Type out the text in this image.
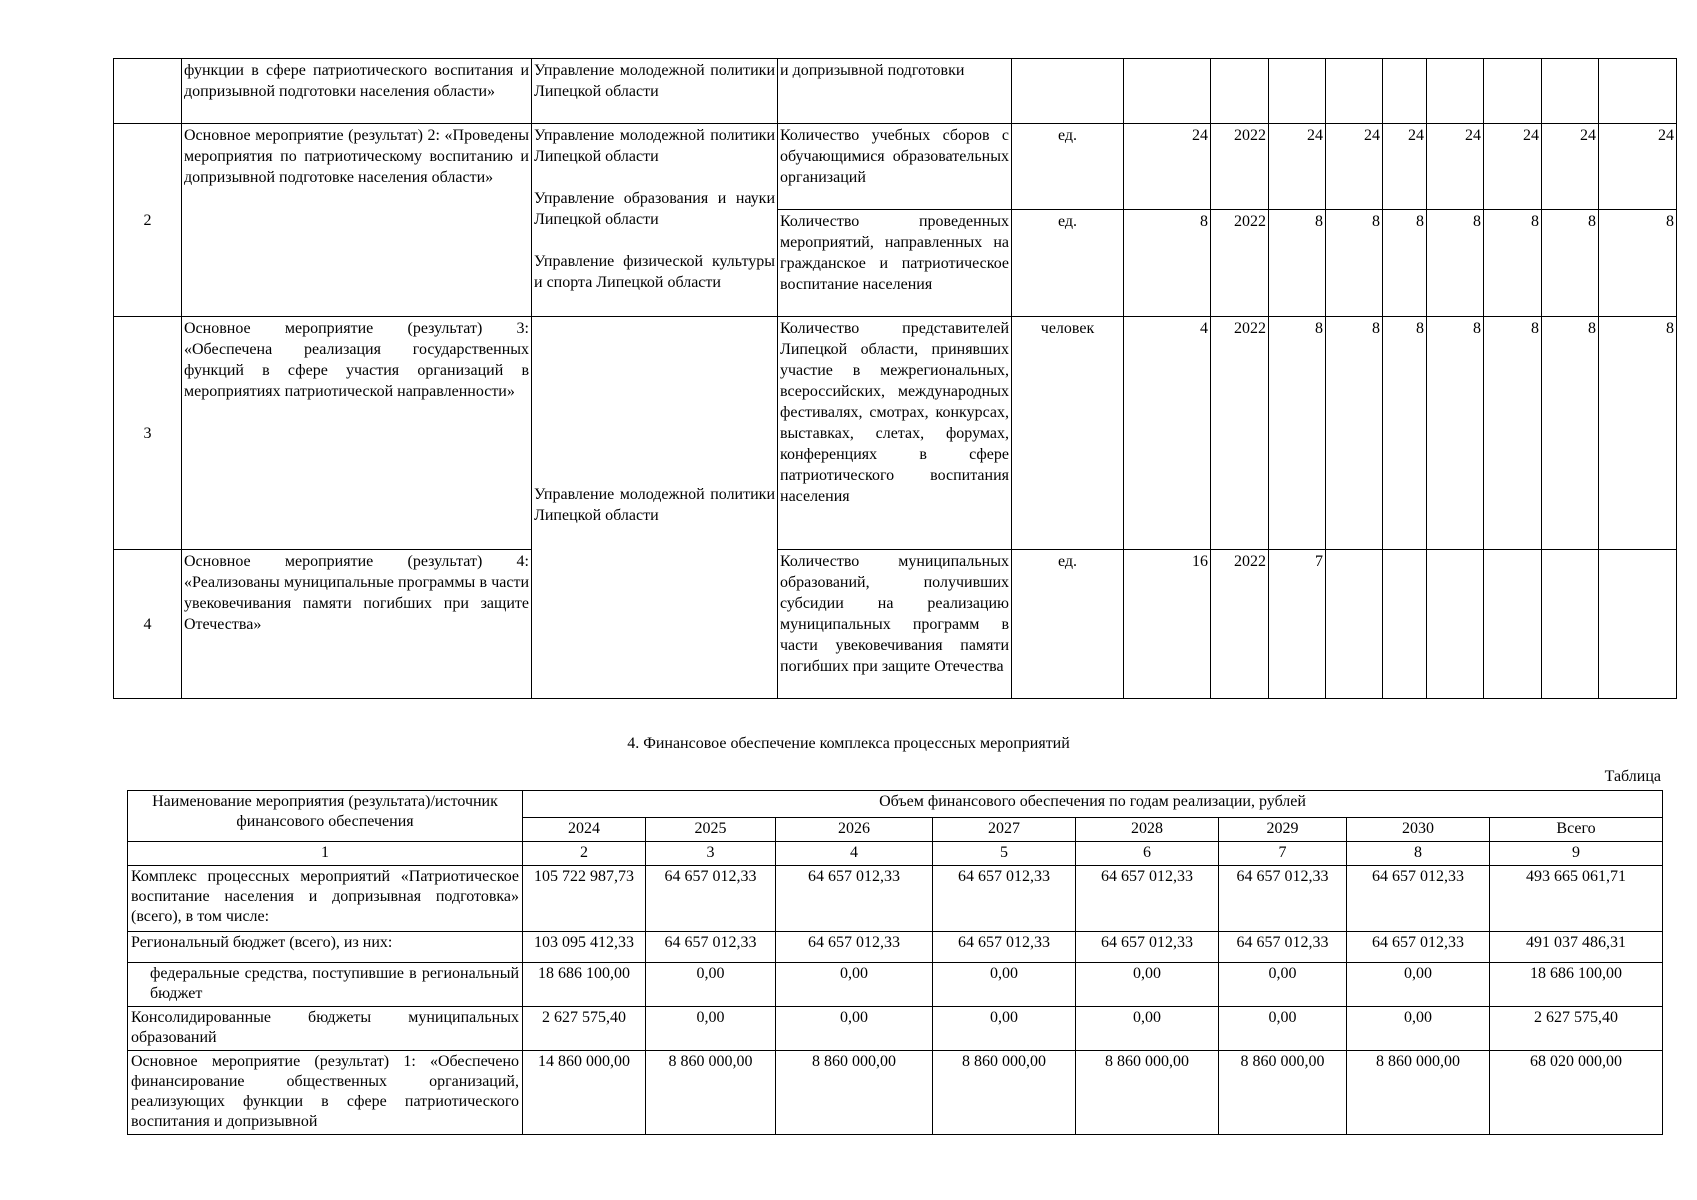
	функции в сфере патриотического воспитания и допризывной подготовки населения области»	Управление молодежной политики Липецкой области	и допризывной подготовки										
2	Основное мероприятие (результат) 2: «Проведены мероприятия по патриотическому воспитанию и допризывной подготовке населения области»	Управление молодежной политики Липецкой области
Управление образования и науки Липецкой области
Управление физической культуры и спорта Липецкой области	Количество учебных сборов с обучающимися образовательных организаций	ед.	24	2022	24	24	24	24	24	24	24
			Количество проведенных мероприятий, направленных на гражданское и патриотическое воспитание населения	ед.	8	2022	8	8	8	8	8	8	8
3	Основное мероприятие (результат) 3: «Обеспечена реализация государственных функций в сфере участия организаций в мероприятиях патриотической направленности»	Управление молодежной политики Липецкой области	Количество представителей Липецкой области, принявших участие в межрегиональных, всероссийских, международных фестивалях, смотрах, конкурсах, выставках, слетах, форумах, конференциях в сфере патриотического воспитания населения	человек	4	2022	8	8	8	8	8	8	8
4	Основное мероприятие (результат) 4: «Реализованы муниципальные программы в части увековечивания памяти погибших при защите Отечества»		Количество муниципальных образований, получивших субсидии на реализацию муниципальных программ в части увековечивания памяти погибших при защите Отечества	ед.	16	2022	7						
4. Финансовое обеспечение комплекса процессных мероприятий
Таблица
Наименование мероприятия (результата)/источник финансового обеспечения	Объем финансового обеспечения по годам реализации, рублей							
	2024	2025	2026	2027	2028	2029	2030	Всего
1	2	3	4	5	6	7	8	9
Комплекс процессных мероприятий «Патриотическое воспитание населения и допризывная подготовка» (всего), в том числе:	105 722 987,73	64 657 012,33	64 657 012,33	64 657 012,33	64 657 012,33	64 657 012,33	64 657 012,33	493 665 061,71
Региональный бюджет (всего), из них:	103 095 412,33	64 657 012,33	64 657 012,33	64 657 012,33	64 657 012,33	64 657 012,33	64 657 012,33	491 037 486,31
федеральные средства, поступившие в региональный бюджет	18 686 100,00	0,00	0,00	0,00	0,00	0,00	0,00	18 686 100,00
Консолидированные бюджеты муниципальных образований	2 627 575,40	0,00	0,00	0,00	0,00	0,00	0,00	2 627 575,40
Основное мероприятие (результат) 1: «Обеспечено финансирование общественных организаций, реализующих функции в сфере патриотического воспитания и допризывной	14 860 000,00	8 860 000,00	8 860 000,00	8 860 000,00	8 860 000,00	8 860 000,00	8 860 000,00	68 020 000,00
